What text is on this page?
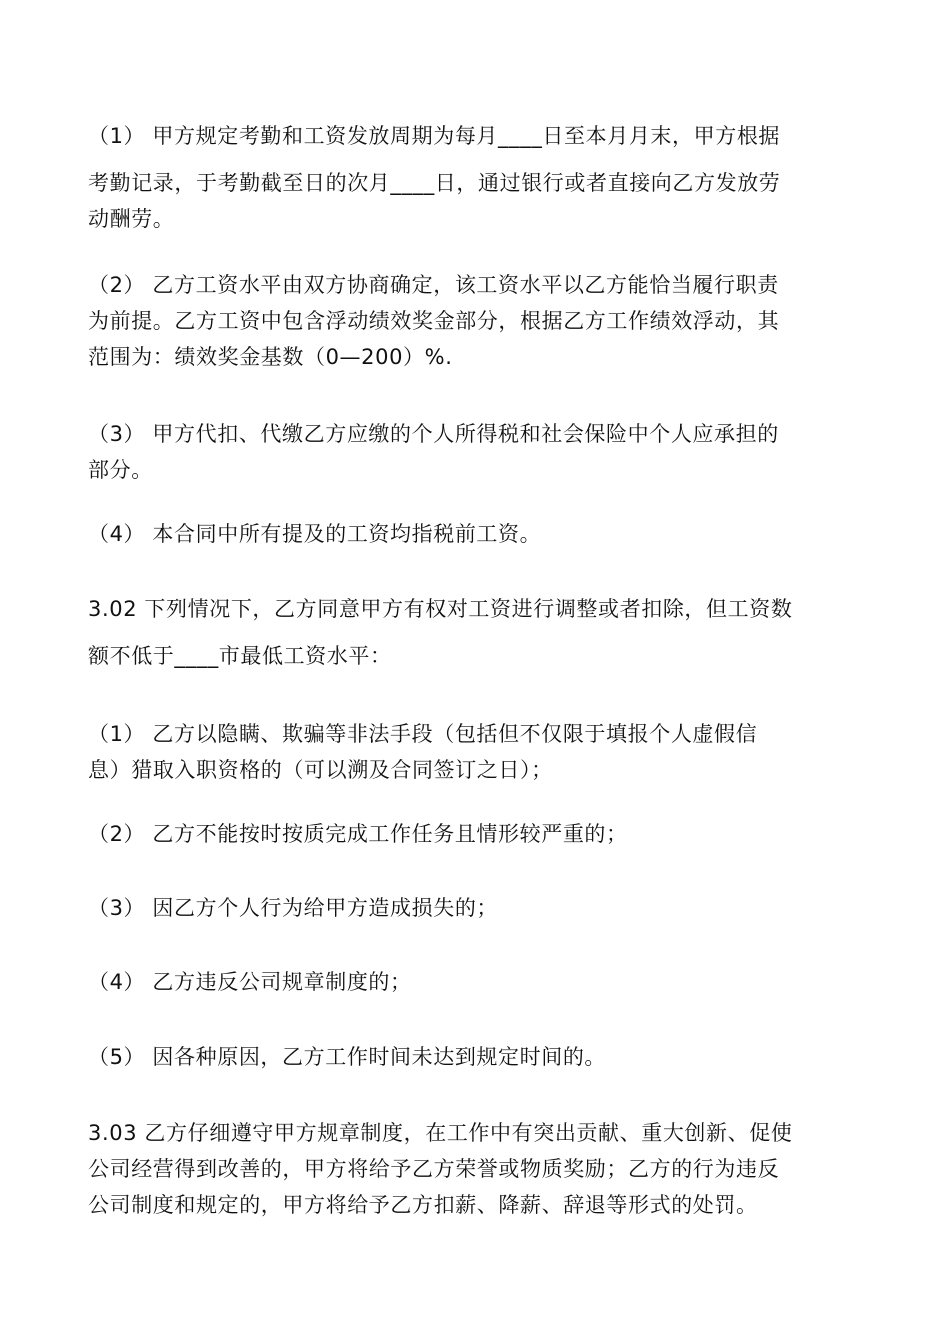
（1） 甲方规定考勤和工资发放周期为每月____日至本月月末，甲方根据
考勤记录，于考勤截至日的次月____日，通过银行或者直接向乙方发放劳
动酬劳。
（2） 乙方工资水平由双方协商确定，该工资水平以乙方能恰当履行职责
为前提。乙方工资中包含浮动绩效奖金部分，根据乙方工作绩效浮动，其
范围为：绩效奖金基数（0—200）%.
（3） 甲方代扣、代缴乙方应缴的个人所得税和社会保险中个人应承担的
部分。
（4） 本合同中所有提及的工资均指税前工资。
3.02 下列情况下，乙方同意甲方有权对工资进行调整或者扣除，但工资数
额不低于____市最低工资水平：
（1） 乙方以隐瞒、欺骗等非法手段（包括但不仅限于填报个人虚假信
息）猎取入职资格的（可以溯及合同签订之日）；
（2） 乙方不能按时按质完成工作任务且情形较严重的；
（3） 因乙方个人行为给甲方造成损失的；
（4） 乙方违反公司规章制度的；
（5） 因各种原因，乙方工作时间未达到规定时间的。
3.03 乙方仔细遵守甲方规章制度，在工作中有突出贡献、重大创新、促使
公司经营得到改善的，甲方将给予乙方荣誉或物质奖励；乙方的行为违反
公司制度和规定的，甲方将给予乙方扣薪、降薪、辞退等形式的处罚。
